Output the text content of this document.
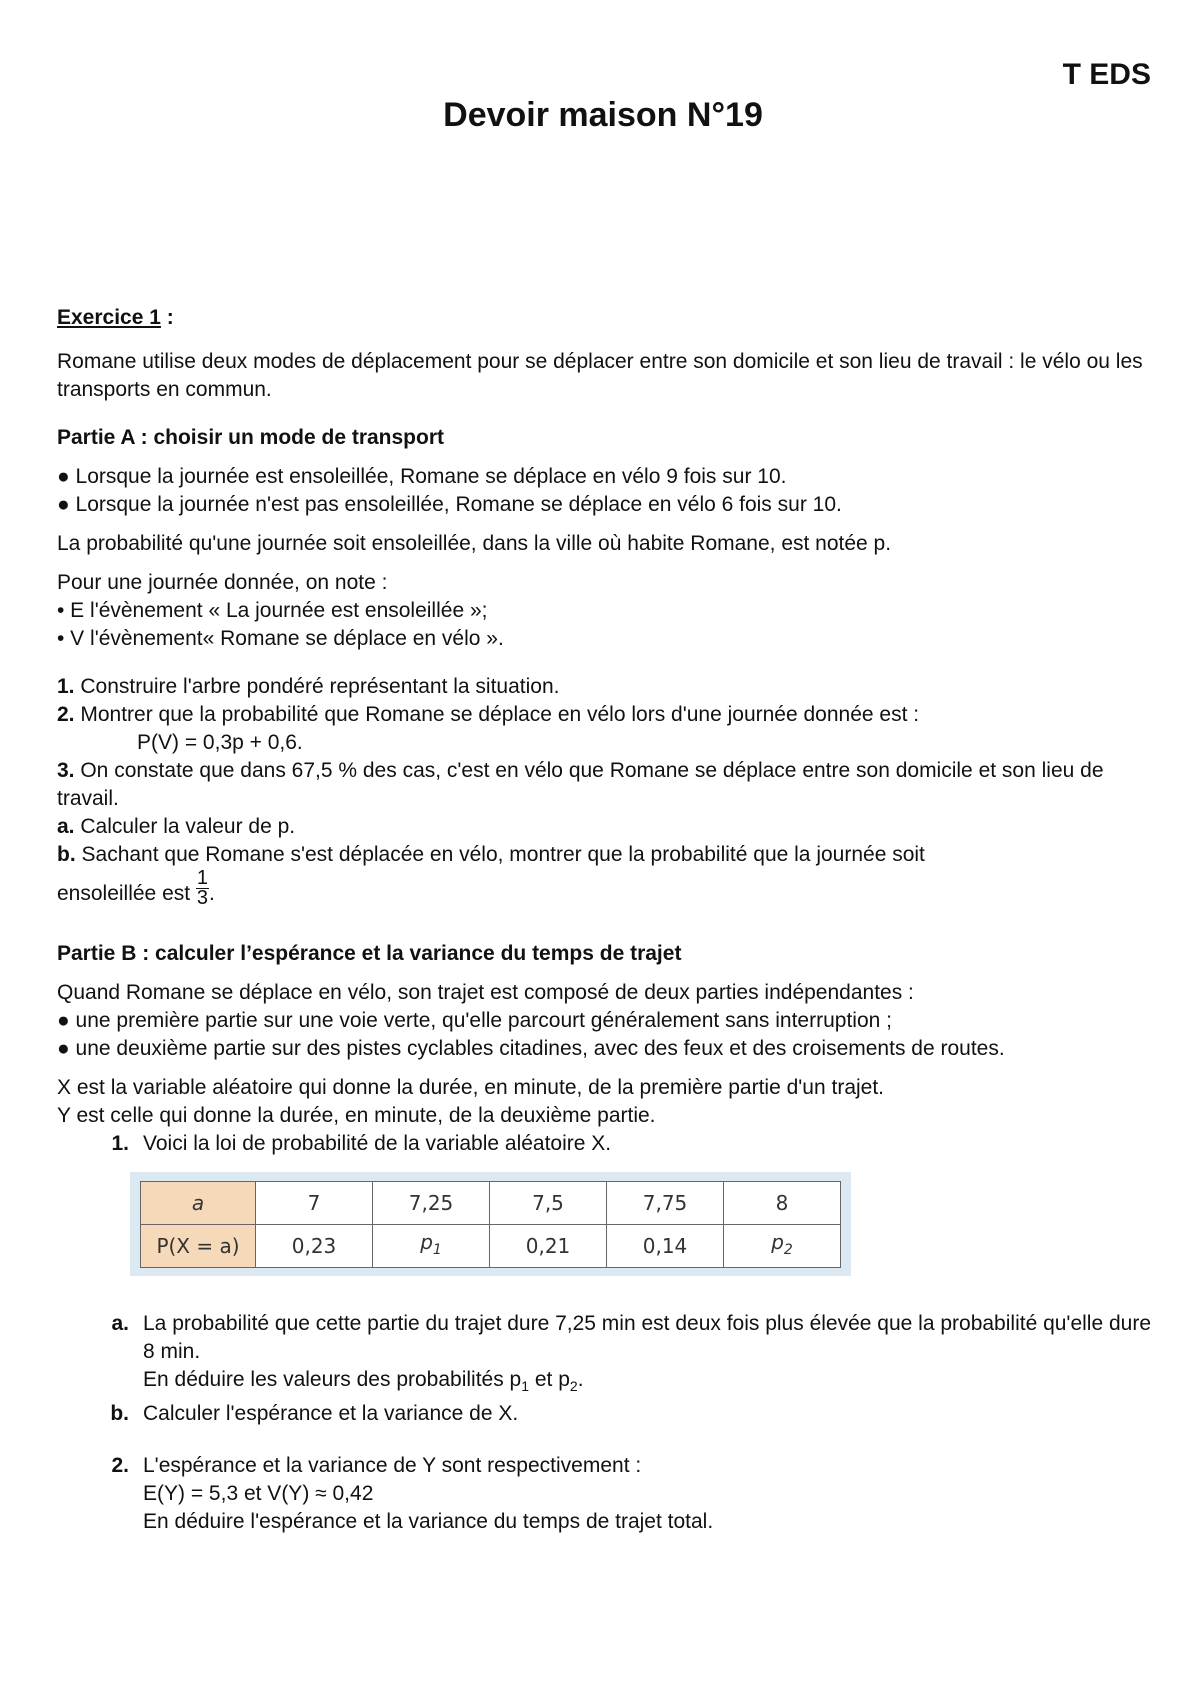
T EDS
Devoir maison N°19

Exercice 1 :

Romane utilise deux modes de déplacement pour se déplacer entre son domicile et son lieu de travail : le vélo ou les transports en commun.

Partie A : choisir un mode de transport

● Lorsque la journée est ensoleillée, Romane se déplace en vélo 9 fois sur 10.

● Lorsque la journée n'est pas ensoleillée, Romane se déplace en vélo 6 fois sur 10.

La probabilité qu'une journée soit ensoleillée, dans la ville où habite Romane, est notée p.

Pour une journée donnée, on note :

• E l'évènement « La journée est ensoleillée »;

• V l'évènement« Romane se déplace en vélo ».

1. Construire l'arbre pondéré représentant la situation.

2. Montrer que la probabilité que Romane se déplace en vélo lors d'une journée donnée est :

P(V) = 0,3p + 0,6.

3. On constate que dans 67,5 % des cas, c'est en vélo que Romane se déplace entre son domicile et son lieu de travail.

a. Calculer la valeur de p.

b. Sachant que Romane s'est déplacée en vélo, montrer que la probabilité que la journée soit

ensoleillée est $\frac{1}{3}$ .

Partie B : calculer l’espérance et la variance du temps de trajet

Quand Romane se déplace en vélo, son trajet est composé de deux parties indépendantes :

● une première partie sur une voie verte, qu'elle parcourt généralement sans interruption ;

● une deuxième partie sur des pistes cyclables citadines, avec des feux et des croisements de routes.

X est la variable aléatoire qui donne la durée, en minute, de la première partie d'un trajet.

Y est celle qui donne la durée, en minute, de la deuxième partie.

1. Voici la loi de probabilité de la variable aléatoire X.
a	7	7,25	7,5	7,75	8
P(X = a)	0,23	$p_1$	0,21	0,14	$p_2$
a. La probabilité que cette partie du trajet dure 7,25 min est deux fois plus élevée que la probabilité qu'elle dure 8 min.
En déduire les valeurs des probabilités $p_1$ et $p_2$.
b. Calculer l'espérance et la variance de X.
2. L'espérance et la variance de Y sont respectivement :
E(Y) = 5,3 et V(Y) ≈ 0,42
En déduire l'espérance et la variance du temps de trajet total.
